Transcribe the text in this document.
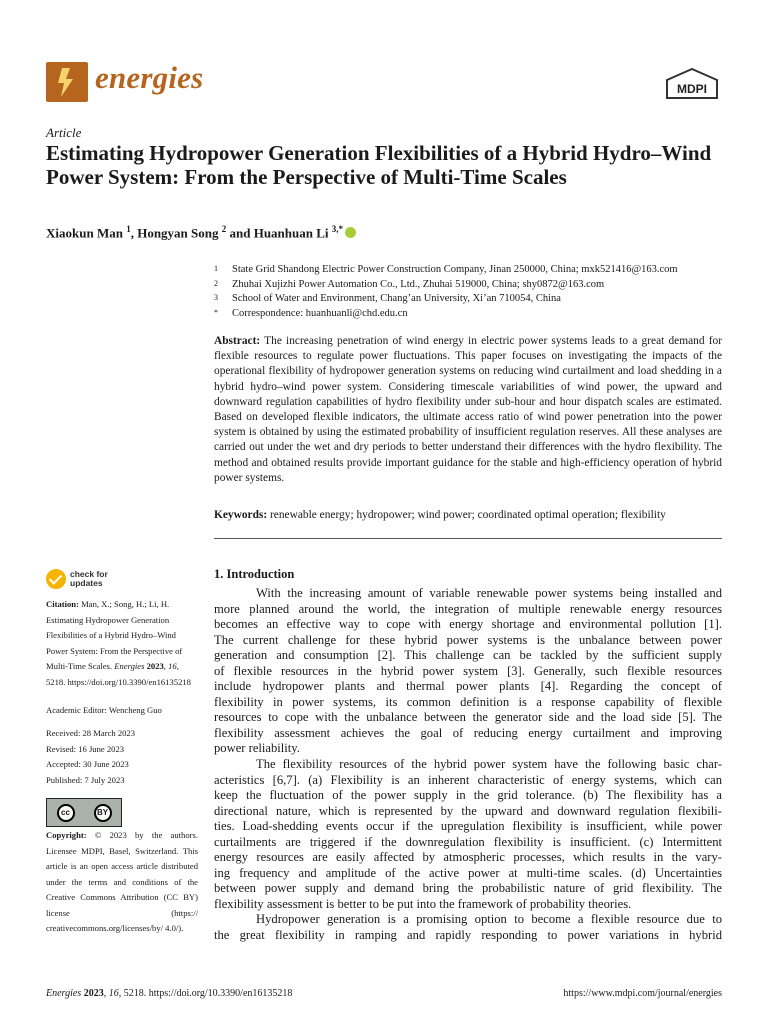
energies	MDPI
Article
Estimating Hydropower Generation Flexibilities of a Hybrid Hydro–Wind Power System: From the Perspective of Multi-Time Scales
Xiaokun Man $^1$, Hongyan Song $^2$ and Huanhuan Li $^{3,*}$
1	State Grid Shandong Electric Power Construction Company, Jinan 250000, China; mxk521416@163.com
2	Zhuhai Xujizhi Power Automation Co., Ltd., Zhuhai 519000, China; shy0872@163.com
3	School of Water and Environment, Chang’an University, Xi’an 710054, China
*	Correspondence: huanhuanli@chd.edu.cn
Abstract: The increasing penetration of wind energy in electric power systems leads to a great demand for flexible resources to regulate power fluctuations. This paper focuses on investigating the impacts of the operational flexibility of hydropower generation systems on reducing wind curtailment and load shedding in a hybrid hydro–wind power system. Considering timescale variabilities of wind power, the upward and downward regulation capabilities of hydro flexibility under sub-hour and hour dispatch scales are estimated. Based on developed flexible indicators, the ultimate access ratio of wind power penetration into the power system is obtained by using the estimated probability of insufficient regulation reserves. All these analyses are carried out under the wet and dry periods to better understand their differences with the hydro flexibility. The method and obtained results provide important guidance for the stable and high-efficiency operation of hybrid power systems.
Keywords: renewable energy; hydropower; wind power; coordinated optimal operation; flexibility
check for
updates
Citation: Man, X.; Song, H.; Li, H. Estimating Hydropower Generation Flexibilities of a Hybrid Hydro–Wind Power System: From the Perspective of Multi-Time Scales. Energies 2023, 16, 5218. https://doi.org/10.3390/en16135218
Academic Editor: Wencheng Guo
Received: 28 March 2023
Revised: 16 June 2023
Accepted: 30 June 2023
Published: 7 July 2023
cc	BY
Copyright: © 2023 by the authors. Licensee MDPI, Basel, Switzerland. This article is an open access article distributed under the terms and conditions of the Creative Commons Attribution (CC BY) license (https:// creativecommons.org/licenses/by/ 4.0/).
1. Introduction
With the increasing amount of variable renewable power systems being installed and
more planned around the world, the integration of multiple renewable energy resources
becomes an effective way to cope with energy shortage and environmental pollution [1].
The current challenge for these hybrid power systems is the unbalance between power
generation and consumption [2]. This challenge can be tackled by the sufficient supply
of flexible resources in the hybrid power system [3]. Generally, such flexible resources
include hydropower plants and thermal power plants [4]. Regarding the concept of
flexibility in power systems, its common definition is a response capability of flexible
resources to cope with the unbalance between the generator side and the load side [5]. The
flexibility assessment achieves the goal of reducing energy curtailment and improving
power reliability.
The flexibility resources of the hybrid power system have the following basic char-
acteristics [6,7]. (a) Flexibility is an inherent characteristic of energy systems, which can
keep the fluctuation of the power supply in the grid tolerance. (b) The flexibility has a
directional nature, which is represented by the upward and downward regulation flexibili-
ties. Load-shedding events occur if the upregulation flexibility is insufficient, while power
curtailments are triggered if the downregulation flexibility is insufficient. (c) Intermittent
energy resources are easily affected by atmospheric processes, which results in the vary-
ing frequency and amplitude of the active power at multi-time scales. (d) Uncertainties
between power supply and demand bring the probabilistic nature of grid flexibility. The
flexibility assessment is better to be put into the framework of probability theories.
Hydropower generation is a promising option to become a flexible resource due to
the great flexibility in ramping and rapidly responding to power variations in hybrid
Energies 2023, 16, 5218. https://doi.org/10.3390/en16135218	https://www.mdpi.com/journal/energies
